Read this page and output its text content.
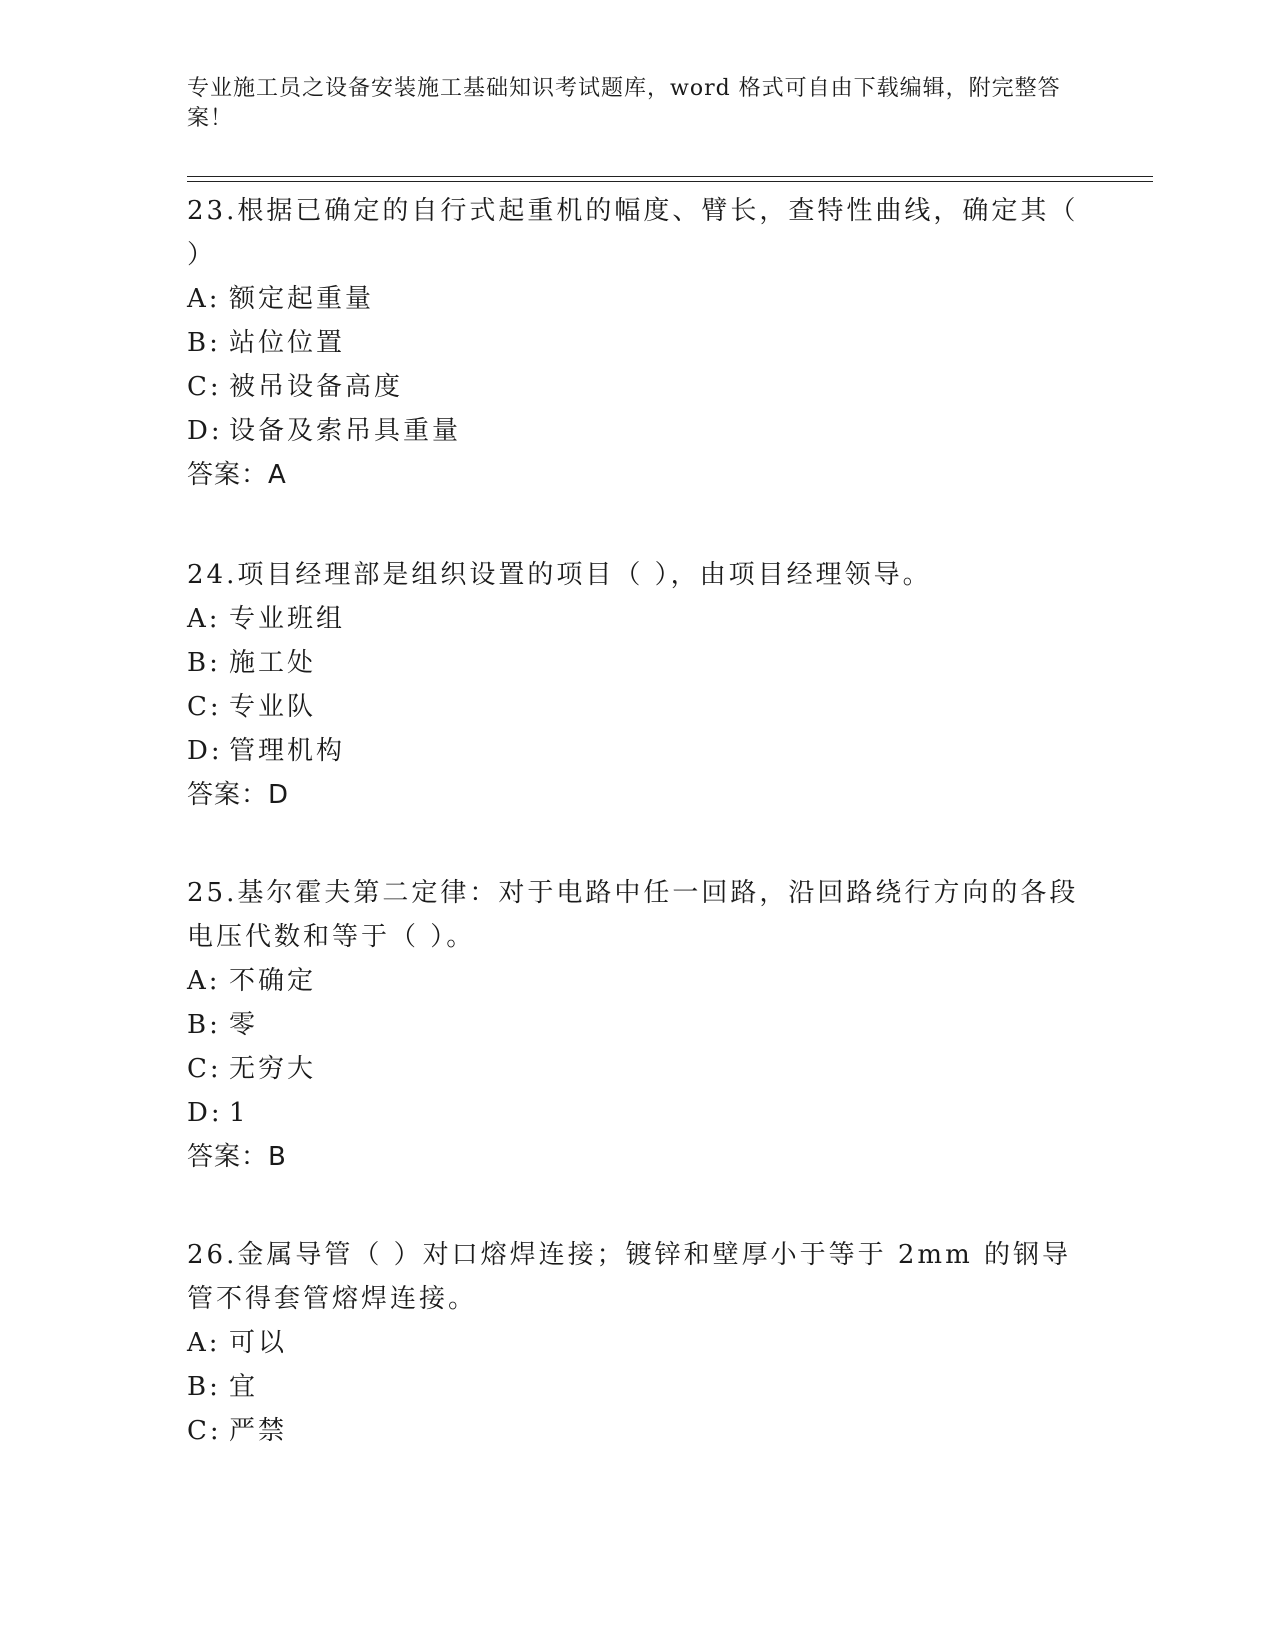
专业施工员之设备安装施工基础知识考试题库，word 格式可自由下载编辑，附完整答案！

23.根据已确定的自行式起重机的幅度、臂长，查特性曲线，确定其（ ）

A: 额定起重量
B: 站位位置
C: 被吊设备高度
D: 设备及索吊具重量
答案：A

24.项目经理部是组织设置的项目（ ），由项目经理领导。

A: 专业班组
B: 施工处
C: 专业队
D: 管理机构
答案：D

25.基尔霍夫第二定律：对于电路中任一回路，沿回路绕行方向的各段电压代数和等于（ ）。

A: 不确定
B: 零
C: 无穷大
D: 1
答案：B

26.金属导管（ ）对口熔焊连接；镀锌和壁厚小于等于 2mm 的钢导管不得套管熔焊连接。

A: 可以
B: 宜
C: 严禁
